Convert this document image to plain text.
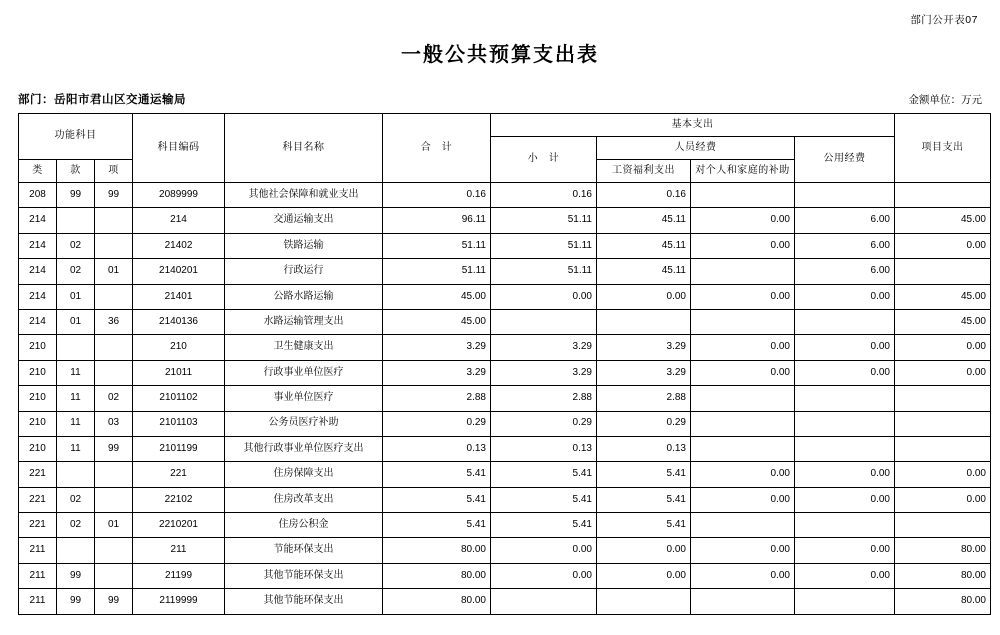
部门公开表07
一般公共预算支出表
部门：岳阳市君山区交通运输局	金额单位：万元
功能科目			科目编码	科目名称	合　计	基本支出				项目支出
						小　计	人员经费		公用经费	
类	款	项					工资福利支出	对个人和家庭的补助		
208	99	99	2089999	其他社会保障和就业支出	0.16	0.16	0.16			
214			214	交通运输支出	96.11	51.11	45.11	0.00	6.00	45.00
214	02		21402	铁路运输	51.11	51.11	45.11	0.00	6.00	0.00
214	02	01	2140201	行政运行	51.11	51.11	45.11		6.00	
214	01		21401	公路水路运输	45.00	0.00	0.00	0.00	0.00	45.00
214	01	36	2140136	水路运输管理支出	45.00					45.00
210			210	卫生健康支出	3.29	3.29	3.29	0.00	0.00	0.00
210	11		21011	行政事业单位医疗	3.29	3.29	3.29	0.00	0.00	0.00
210	11	02	2101102	事业单位医疗	2.88	2.88	2.88			
210	11	03	2101103	公务员医疗补助	0.29	0.29	0.29			
210	11	99	2101199	其他行政事业单位医疗支出	0.13	0.13	0.13			
221			221	住房保障支出	5.41	5.41	5.41	0.00	0.00	0.00
221	02		22102	住房改革支出	5.41	5.41	5.41	0.00	0.00	0.00
221	02	01	2210201	住房公积金	5.41	5.41	5.41			
211			211	节能环保支出	80.00	0.00	0.00	0.00	0.00	80.00
211	99		21199	其他节能环保支出	80.00	0.00	0.00	0.00	0.00	80.00
211	99	99	2119999	其他节能环保支出	80.00					80.00
